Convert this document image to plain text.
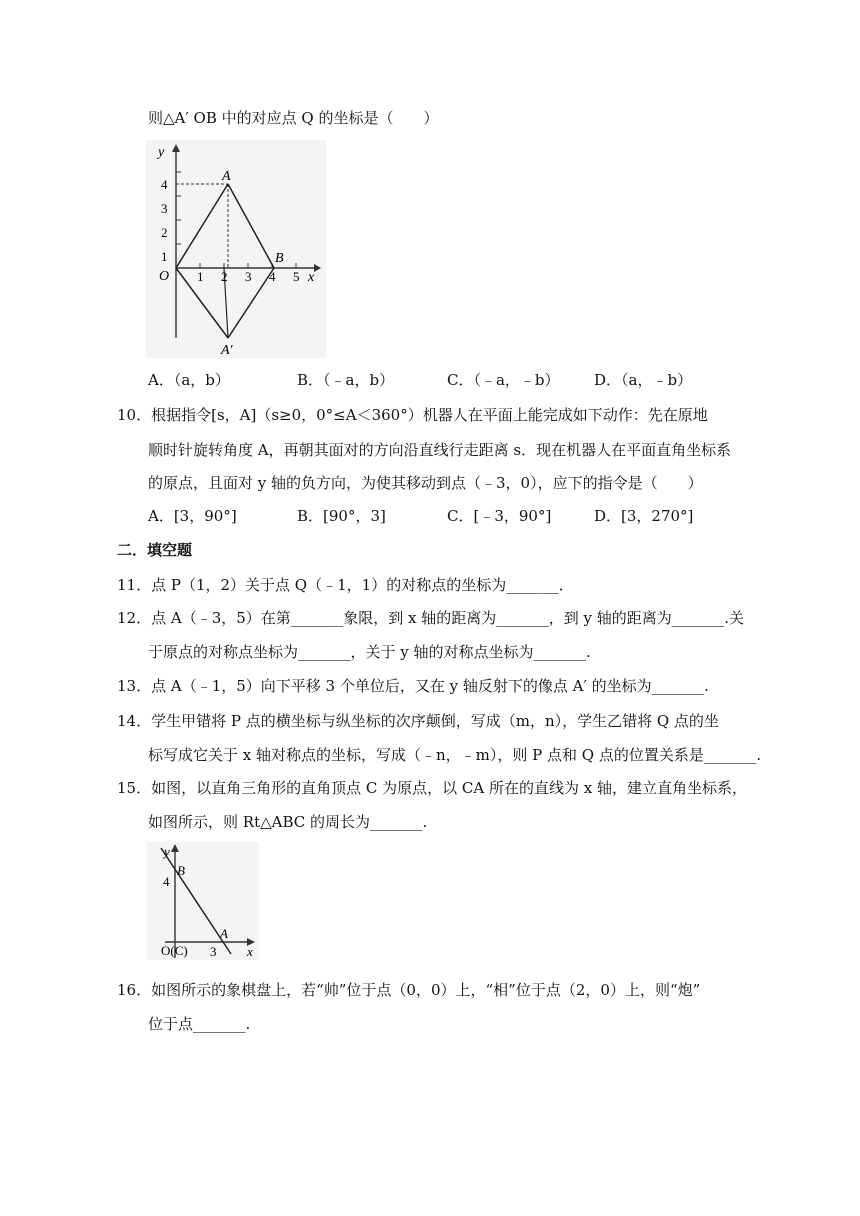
则△A′ OB 中的对应点 Q 的坐标是（　　）
y
x
4
3
2
1
1 2 3 4 5
O
A
B
A′
A．（a，b）	B．（﹣a，b）	C．（﹣a，﹣b） D．（a，﹣b）
10．根据指令[s，A]（s≥0，0°≤A＜360°）机器人在平面上能完成如下动作：先在原地
顺时针旋转角度 A，再朝其面对的方向沿直线行走距离 s．现在机器人在平面直角坐标系
的原点，且面对 y 轴的负方向，为使其移动到点（﹣3，0），应下的指令是（　　）
A．[3，90°]	B．[90°，3]	C．[﹣3，90°]	D．[3，270°]
二．填空题
11．点 P（1，2）关于点 Q（﹣1，1）的对称点的坐标为_______．
12．点 A（﹣3，5）在第_______象限，到 x 轴的距离为_______，到 y 轴的距离为_______.关
于原点的对称点坐标为_______，关于 y 轴的对称点坐标为_______.
13．点 A（﹣1，5）向下平移 3 个单位后，又在 y 轴反射下的像点 A′ 的坐标为_______.
14．学生甲错将 P 点的横坐标与纵坐标的次序颠倒，写成（m，n），学生乙错将 Q 点的坐
标写成它关于 x 轴对称点的坐标，写成（﹣n，﹣m），则 P 点和 Q 点的位置关系是_______.
15．如图，以直角三角形的直角顶点 C 为原点，以 CA 所在的直线为 x 轴，建立直角坐标系，
如图所示，则 Rt△ABC 的周长为_______.
y
x
4
3
O(C)
B
A
16．如图所示的象棋盘上，若“帅”位于点（0，0）上，“相”位于点（2，0）上，则“炮”
位于点_______.
